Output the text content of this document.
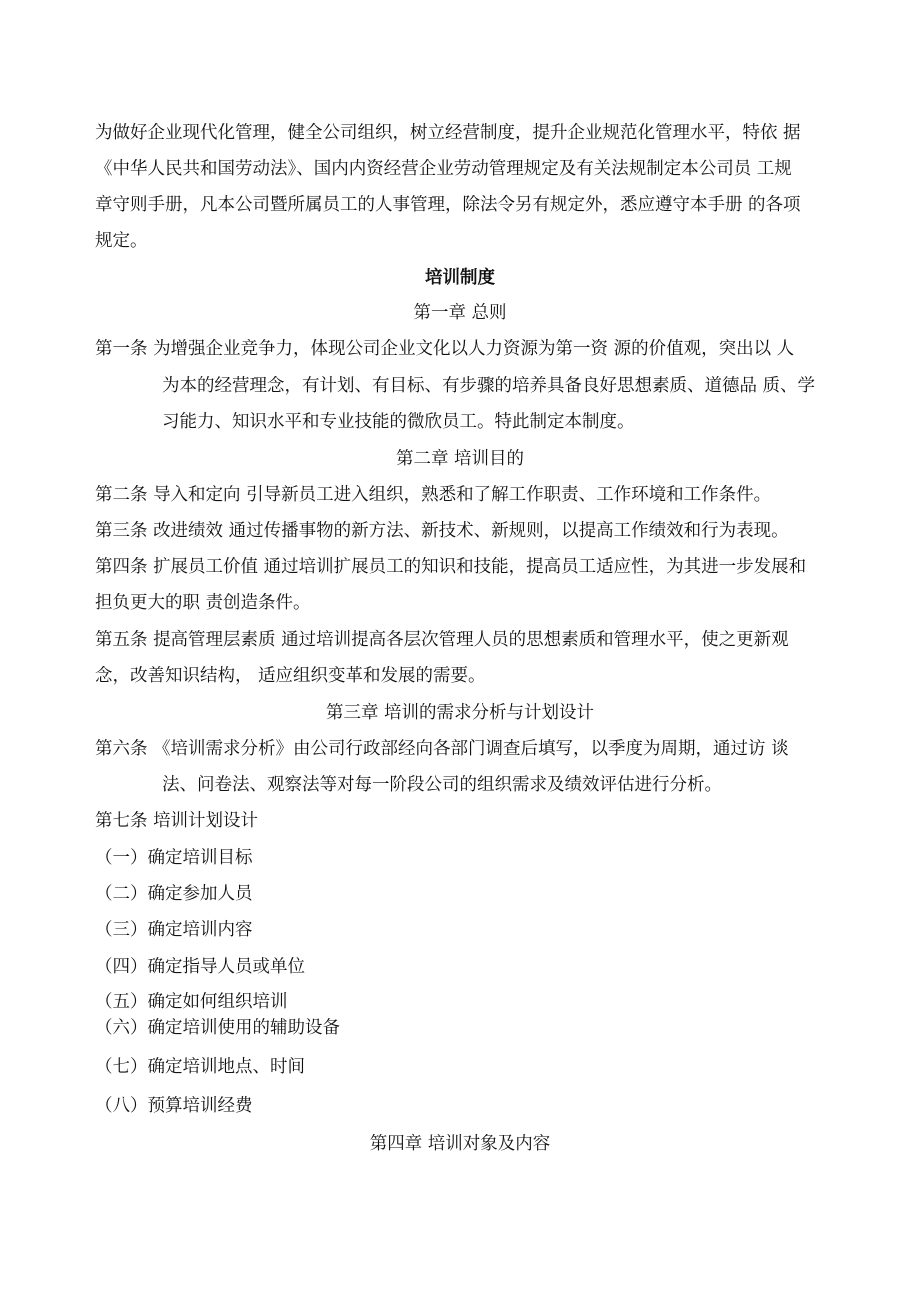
为做好企业现代化管理，健全公司组织，树立经营制度，提升企业规范化管理水平，特依 据
《中华人民共和国劳动法》、国内内资经营企业劳动管理规定及有关法规制定本公司员 工规
章守则手册，凡本公司暨所属员工的人事管理，除法令另有规定外，悉应遵守本手册 的各项
规定。
培训制度
第一章 总则
第一条 为增强企业竞争力，体现公司企业文化以人力资源为第一资 源的价值观，突出以 人
为本的经营理念，有计划、有目标、有步骤的培养具备良好思想素质、道德品 质、学
习能力、知识水平和专业技能的微欣员工。特此制定本制度。
第二章 培训目的
第二条 导入和定向 引导新员工进入组织，熟悉和了解工作职责、工作环境和工作条件。
第三条 改进绩效 通过传播事物的新方法、新技术、新规则，以提高工作绩效和行为表现。
第四条 扩展员工价值 通过培训扩展员工的知识和技能，提高员工适应性，为其进一步发展和
担负更大的职 责创造条件。
第五条 提高管理层素质 通过培训提高各层次管理人员的思想素质和管理水平，使之更新观
念，改善知识结构， 适应组织变革和发展的需要。
第三章 培训的需求分析与计划设计
第六条 《培训需求分析》由公司行政部经向各部门调查后填写，以季度为周期，通过访 谈
法、问卷法、观察法等对每一阶段公司的组织需求及绩效评估进行分析。
第七条 培训计划设计
（一）确定培训目标
（二）确定参加人员
（三）确定培训内容
（四）确定指导人员或单位
（五）确定如何组织培训
（六）确定培训使用的辅助设备
（七）确定培训地点、时间
（八）预算培训经费
第四章 培训对象及内容
